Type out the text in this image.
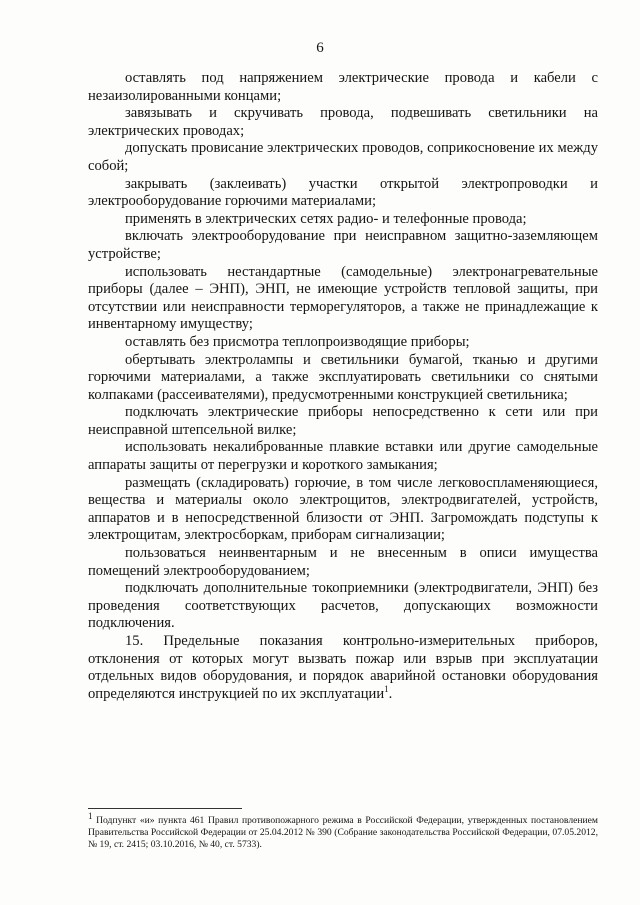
6

оставлять под напряжением электрические провода и кабели с незаизолированными концами;

завязывать и скручивать провода, подвешивать светильники на электрических проводах;

допускать провисание электрических проводов, соприкосновение их между собой;

закрывать (заклеивать) участки открытой электропроводки и электрооборудование горючими материалами;

применять в электрических сетях радио- и телефонные провода;

включать электрооборудование при неисправном защитно-заземляющем устройстве;

использовать нестандартные (самодельные) электронагревательные приборы (далее – ЭНП), ЭНП, не имеющие устройств тепловой защиты, при отсутствии или неисправности терморегуляторов, а также не принадлежащие к инвентарному имуществу;

оставлять без присмотра теплопроизводящие приборы;

обертывать электролампы и светильники бумагой, тканью и другими горючими материалами, а также эксплуатировать светильники со снятыми колпаками (рассеивателями), предусмотренными конструкцией светильника;

подключать электрические приборы непосредственно к сети или при неисправной штепсельной вилке;

использовать некалиброванные плавкие вставки или другие самодельные аппараты защиты от перегрузки и короткого замыкания;

размещать (складировать) горючие, в том числе легковоспламеняющиеся, вещества и материалы около электрощитов, электродвигателей, устройств, аппаратов и в непосредственной близости от ЭНП. Загромождать подступы к электрощитам, электросборкам, приборам сигнализации;

пользоваться неинвентарным и не внесенным в описи имущества помещений электрооборудованием;

подключать дополнительные токоприемники (электродвигатели, ЭНП) без проведения соответствующих расчетов, допускающих возможности подключения.

15. Предельные показания контрольно-измерительных приборов, отклонения от которых могут вызвать пожар или взрыв при эксплуатации отдельных видов оборудования, и порядок аварийной остановки оборудования определяются инструкцией по их эксплуатации$^1$.

$^1$ Подпункт «и» пункта 461 Правил противопожарного режима в Российской Федерации, утвержденных постановлением Правительства Российской Федерации от 25.04.2012 № 390 (Собрание законодательства Российской Федерации, 07.05.2012, № 19, ст. 2415; 03.10.2016, № 40, ст. 5733).
